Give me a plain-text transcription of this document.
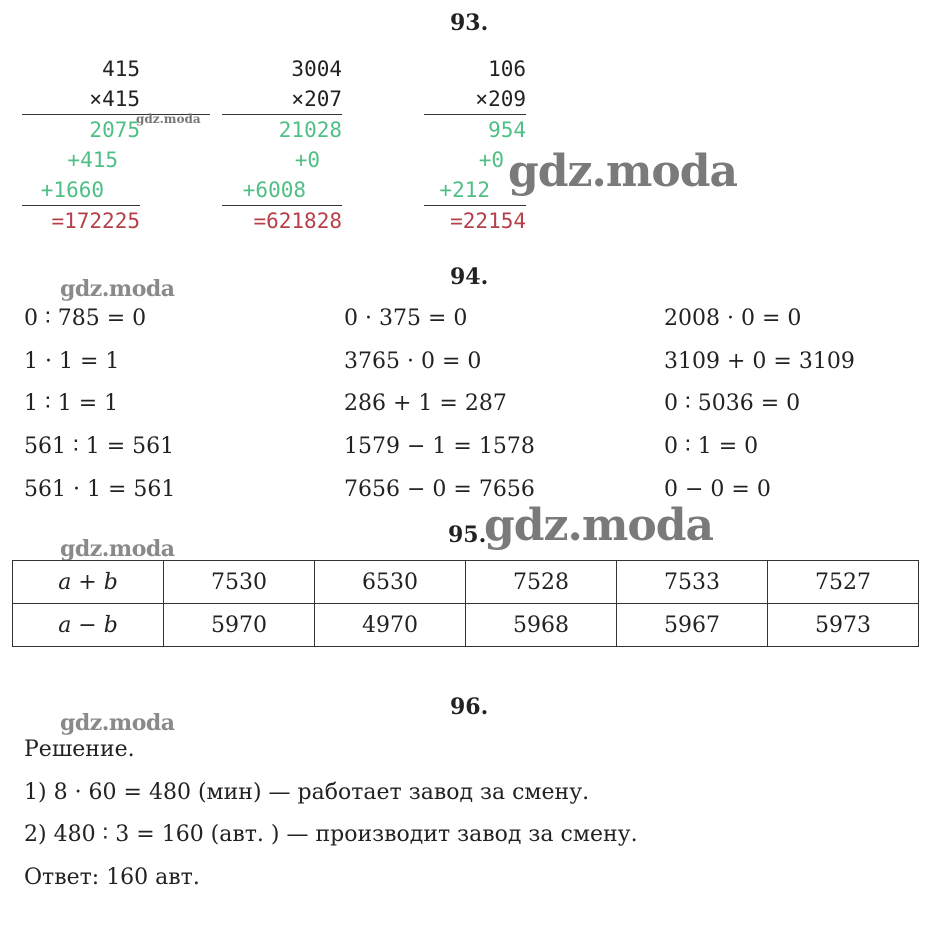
93.
415
×415
2075
+415
+1660
=172225
3004
×207
21028
+0
+6008
=621828
106
×209
954
+0
+212
=22154
gdz.moda
gdz.moda
94.
gdz.moda
0 ∶ 785 = 0
1 · 1 = 1
1 ∶ 1 = 1
561 ∶ 1 = 561
561 · 1 = 561
0 · 375 = 0
3765 · 0 = 0
286 + 1 = 287
1579 − 1 = 1578
7656 − 0 = 7656
2008 · 0 = 0
3109 + 0 = 3109
0 ∶ 5036 = 0
0 ∶ 1 = 0
0 − 0 = 0
95.
gdz.moda
gdz.moda
a + b	7530	6530	7528	7533	7527
a − b	5970	4970	5968	5967	5973
96.
gdz.moda
Решение.
1) 8 · 60 = 480 (мин) — работает завод за смену.
2) 480 ∶ 3 = 160 (авт. ) — производит завод за смену.
Ответ: 160 авт.
